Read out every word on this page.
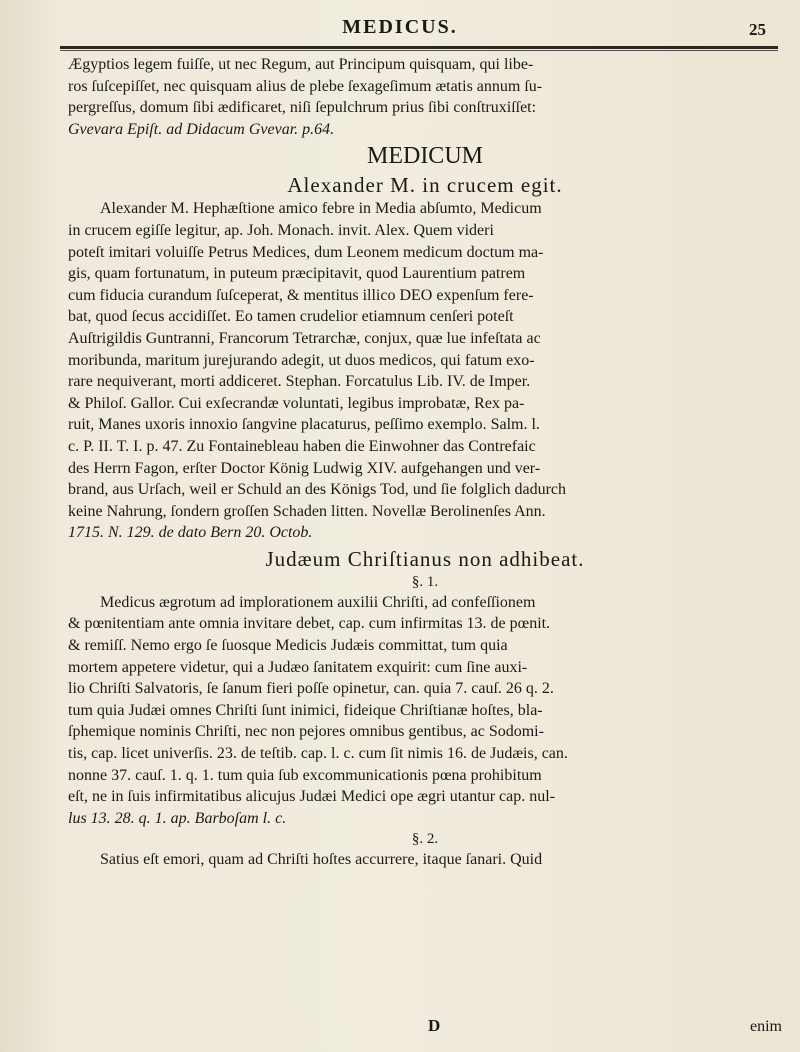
MEDICUS.	25
Ægyptios legem fuiſſe, ut nec Regum, aut Principum quisquam, qui libe-
ros ſuſcepiſſet, nec quisquam alius de plebe ſexageſimum ætatis annum ſu-
pergreſſus, domum ſibi ædificaret, niſi ſepulchrum prius ſibi conſtruxiſſet:
Gvevara Epiſt. ad Didacum Gvevar. p.64.
MEDICUM
Alexander M. in crucem egit.
Alexander M. Hephæſtione amico febre in Media abſumto, Medicum
in crucem egiſſe legitur, ap. Joh. Monach. invit. Alex. Quem videri
poteſt imitari voluiſſe Petrus Medices, dum Leonem medicum doctum ma-
gis, quam fortunatum, in puteum præcipitavit, quod Laurentium patrem
cum fiducia curandum ſuſceperat, & mentitus illico DEO expenſum fere-
bat, quod ſecus accidiſſet. Eo tamen crudelior etiamnum cenſeri poteſt
Auſtrigildis Guntranni, Francorum Tetrarchæ, conjux, quæ lue infeſtata ac
moribunda, maritum jurejurando adegit, ut duos medicos, qui fatum exo-
rare nequiverant, morti addiceret. Stephan. Forcatulus Lib. IV. de Imper.
& Philoſ. Gallor. Cui exſecrandæ voluntati, legibus improbatæ, Rex pa-
ruit, Manes uxoris innoxio ſangvine placaturus, peſſimo exemplo. Salm. l.
c. P. II. T. I. p. 47. Zu Fontainebleau haben die Einwohner das Contrefaic
des Herrn Fagon, erſter Doctor König Ludwig XIV. aufgehangen und ver-
brand, aus Urſach, weil er Schuld an des Königs Tod, und ſie folglich dadurch
keine Nahrung, ſondern groſſen Schaden litten. Novellæ Berolinenſes Ann.
1715. N. 129. de dato Bern 20. Octob.
Judæum Chriſtianus non adhibeat.
§. 1.
Medicus ægrotum ad implorationem auxilii Chriſti, ad confeſſionem
& pœnitentiam ante omnia invitare debet, cap. cum infirmitas 13. de pœnit.
& remiſſ. Nemo ergo ſe ſuosque Medicis Judæis committat, tum quia
mortem appetere videtur, qui a Judæo ſanitatem exquirit: cum ſine auxi-
lio Chriſti Salvatoris, ſe ſanum fieri poſſe opinetur, can. quia 7. cauſ. 26 q. 2.
tum quia Judæi omnes Chriſti ſunt inimici, fideique Chriſtianæ hoſtes, bla-
ſphemique nominis Chriſti, nec non pejores omnibus gentibus, ac Sodomi-
tis, cap. licet univerſis. 23. de teſtib. cap. l. c. cum ſit nimis 16. de Judæis, can.
nonne 37. cauſ. 1. q. 1. tum quia ſub excommunicationis pœna prohibitum
eſt, ne in ſuis infirmitatibus alicujus Judæi Medici ope ægri utantur cap. nul-
lus 13. 28. q. 1. ap. Barboſam l. c.
§. 2.
Satius eſt emori, quam ad Chriſti hoſtes accurrere, itaque ſanari. Quid
D	enim
